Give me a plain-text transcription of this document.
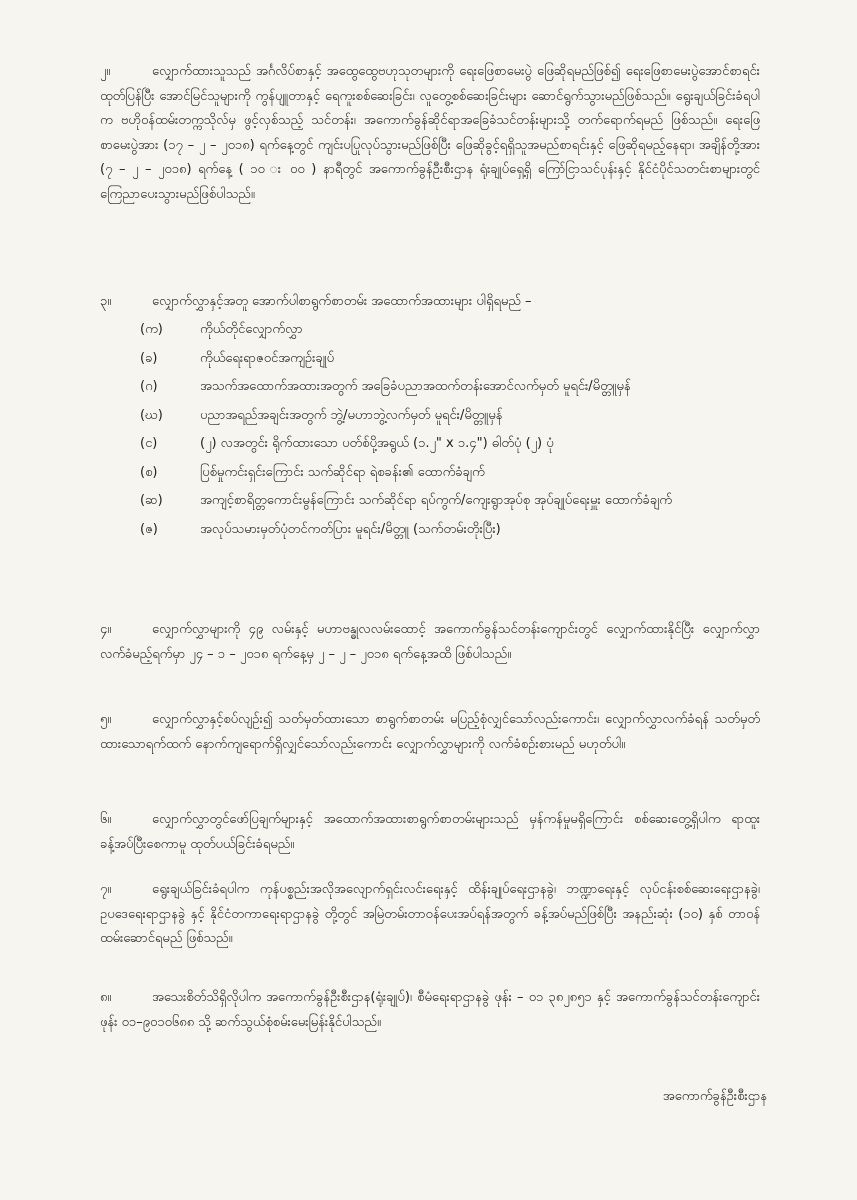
၂။	လျှောက်ထားသူသည် အင်္ဂလိပ်စာနှင့် အထွေထွေဗဟုသုတများကို ရေးဖြေစာမေးပွဲ ဖြေဆိုရမည်ဖြစ်၍ ရေးဖြေစာမေးပွဲအောင်စာရင်း ထုတ်ပြန်ပြီး အောင်မြင်သူများကို ကွန်ပျူတာနှင့် ရေကူးစစ်ဆေးခြင်း၊ လူတွေ့စစ်ဆေးခြင်းများ ဆောင်ရွက်သွားမည်ဖြစ်သည်။ ရွေးချယ်ခြင်းခံရပါက ဗဟိုဝန်ထမ်းတက္ကသိုလ်မှ ဖွင့်လှစ်သည့် သင်တန်း၊ အကောက်ခွန်ဆိုင်ရာအခြေခံသင်တန်းများသို့ တက်ရောက်ရမည် ဖြစ်သည်။ ရေးဖြေစာမေးပွဲအား (၁၇ – ၂ – ၂၀၁၈) ရက်နေ့တွင် ကျင်းပပြုလုပ်သွားမည်ဖြစ်ပြီး ဖြေဆိုခွင့်ရရှိသူအမည်စာရင်းနှင့် ဖြေဆိုရမည့်နေရာ၊ အချိန်တို့အား (၇ – ၂ – ၂၀၁၈) ရက်နေ့ ( ၁၀ း ၀၀ ) နာရီတွင် အကောက်ခွန်ဦးစီးဌာန ရုံးချုပ်ရှေ့ရှိ ကြော်ငြာသင်ပုန်းနှင့် နိုင်ငံပိုင်သတင်းစာများတွင် ကြေညာပေးသွားမည်ဖြစ်ပါသည်။

၃။	လျှောက်လွှာနှင့်အတူ အောက်ပါစာရွက်စာတမ်း အထောက်အထားများ ပါရှိရမည် –

(က)	ကိုယ်တိုင်လျှောက်လွှာ
(ခ)	ကိုယ်ရေးရာဇဝင်အကျဉ်းချုပ်
(ဂ)	အသက်အထောက်အထားအတွက် အခြေခံပညာအထက်တန်းအောင်လက်မှတ် မူရင်း/မိတ္တူမှန်
(ဃ)	ပညာအရည်အချင်းအတွက် ဘွဲ့/မဟာဘွဲ့လက်မှတ် မူရင်း/မိတ္တူမှန်
(င)	(၂) လအတွင်း ရိုက်ထားသော ပတ်စ်ပို့အရွယ် (၁.၂" x ၁.၄") ဓါတ်ပုံ (၂) ပုံ
(စ)	ပြစ်မှုကင်းရှင်းကြောင်း သက်ဆိုင်ရာ ရဲစခန်း၏ ထောက်ခံချက်
(ဆ)	အကျင့်စာရိတ္တကောင်းမွန်ကြောင်း သက်ဆိုင်ရာ ရပ်ကွက်/ကျေးရွာအုပ်စု အုပ်ချုပ်ရေးမှူး ထောက်ခံချက်
(ဇ)	အလုပ်သမားမှတ်ပုံတင်ကတ်ပြား မူရင်း/မိတ္တူ (သက်တမ်းတိုးပြီး)

၄။	လျှောက်လွှာများကို ၄၉ လမ်းနှင့် မဟာဗန္ဓုလလမ်းထောင့် အကောက်ခွန်သင်တန်းကျောင်းတွင် လျှောက်ထားနိုင်ပြီး လျှောက်လွှာလက်ခံမည့်ရက်မှာ ၂၄ – ၁ – ၂၀၁၈ ရက်နေ့မှ ၂ – ၂ – ၂၀၁၈ ရက်နေ့အထိ ဖြစ်ပါသည်။

၅။	လျှောက်လွှာနှင့်စပ်လျဉ်း၍ သတ်မှတ်ထားသော စာရွက်စာတမ်း မပြည့်စုံလျှင်သော်လည်းကောင်း၊ လျှောက်လွှာလက်ခံရန် သတ်မှတ်ထားသောရက်ထက် နောက်ကျရောက်ရှိလျှင်သော်လည်းကောင်း လျှောက်လွှာများကို လက်ခံစဉ်းစားမည် မဟုတ်ပါ။

၆။	လျှောက်လွှာတွင်ဖော်ပြချက်များနှင့် အထောက်အထားစာရွက်စာတမ်းများသည် မှန်ကန်မှုမရှိကြောင်း စစ်ဆေးတွေ့ရှိပါက ရာထူးခန့်အပ်ပြီးစေကာမူ ထုတ်ပယ်ခြင်းခံရမည်။

၇။	ရွေးချယ်ခြင်းခံရပါက ကုန်ပစ္စည်းအလိုအလျောက်ရှင်းလင်းရေးနှင့် ထိန်းချုပ်ရေးဌာနခွဲ၊ ဘဏ္ဍာရေးနှင့် လုပ်ငန်းစစ်ဆေးရေးဌာနခွဲ၊ ဥပဒေရေးရာဌာနခွဲ နှင့် နိုင်ငံတကာရေးရာဌာနခွဲ တို့တွင် အမြဲတမ်းတာဝန်ပေးအပ်ရန်အတွက် ခန့်အပ်မည်ဖြစ်ပြီး အနည်းဆုံး (၁၀) နှစ် တာဝန်ထမ်းဆောင်ရမည် ဖြစ်သည်။

၈။	အသေးစိတ်သိရှိလိုပါက အကောက်ခွန်ဦးစီးဌာန(ရုံးချုပ်)၊ စီမံရေးရာဌာနခွဲ ဖုန်း – ၀၁ ၃၈၂၈၅၁ နှင့် အကောက်ခွန်သင်တန်းကျောင်း ဖုန်း ၀၁–၉၀၁၀၆၈၈ သို့ ဆက်သွယ်စုံစမ်းမေးမြန်းနိုင်ပါသည်။

အကောက်ခွန်ဦးစီးဌာန
